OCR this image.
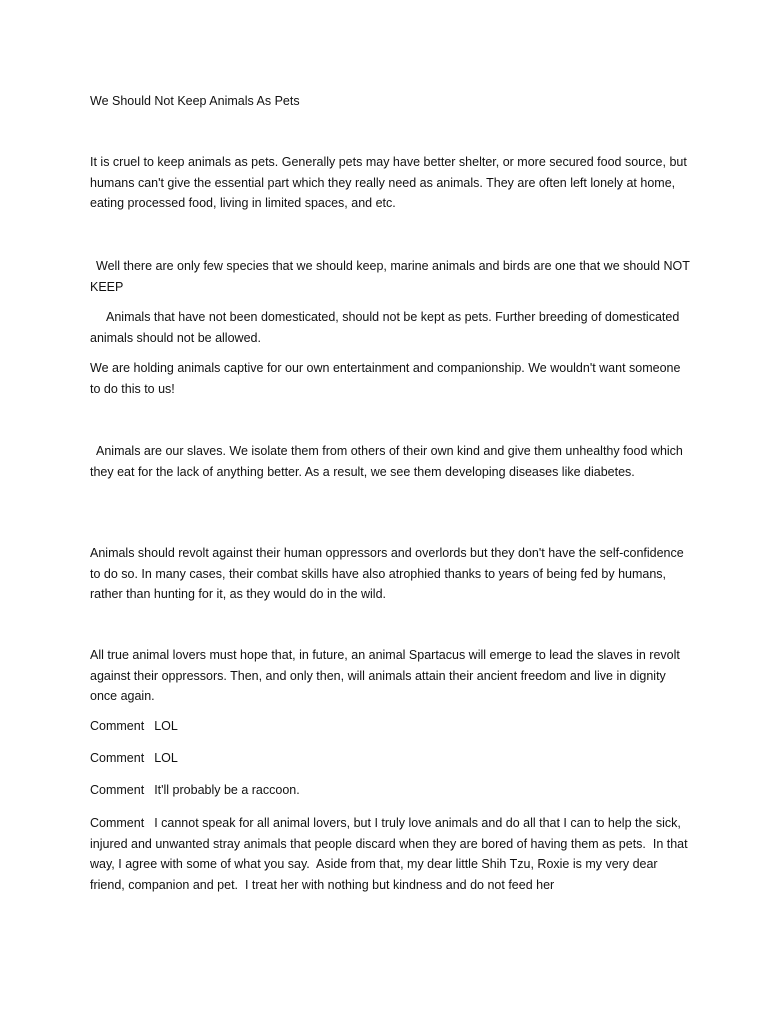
We Should Not Keep Animals As Pets

It is cruel to keep animals as pets. Generally pets may have better shelter, or more secured food source, but humans can't give the essential part which they really need as animals. They are often left lonely at home, eating processed food, living in limited spaces, and etc.

Well there are only few species that we should keep, marine animals and birds are one that we should NOT KEEP

Animals that have not been domesticated, should not be kept as pets. Further breeding of domesticated animals should not be allowed.

We are holding animals captive for our own entertainment and companionship. We wouldn't want someone to do this to us!

Animals are our slaves. We isolate them from others of their own kind and give them unhealthy food which they eat for the lack of anything better. As a result, we see them developing diseases like diabetes.

Animals should revolt against their human oppressors and overlords but they don't have the self-confidence to do so. In many cases, their combat skills have also atrophied thanks to years of being fed by humans, rather than hunting for it, as they would do in the wild.

All true animal lovers must hope that, in future, an animal Spartacus will emerge to lead the slaves in revolt against their oppressors. Then, and only then, will animals attain their ancient freedom and live in dignity once again.

Comment LOL

Comment LOL

Comment It'll probably be a raccoon.

Comment I cannot speak for all animal lovers, but I truly love animals and do all that I can to help the sick, injured and unwanted stray animals that people discard when they are bored of having them as pets.  In that way, I agree with some of what you say.  Aside from that, my dear little Shih Tzu, Roxie is my very dear friend, companion and pet.  I treat her with nothing but kindness and do not feed her
